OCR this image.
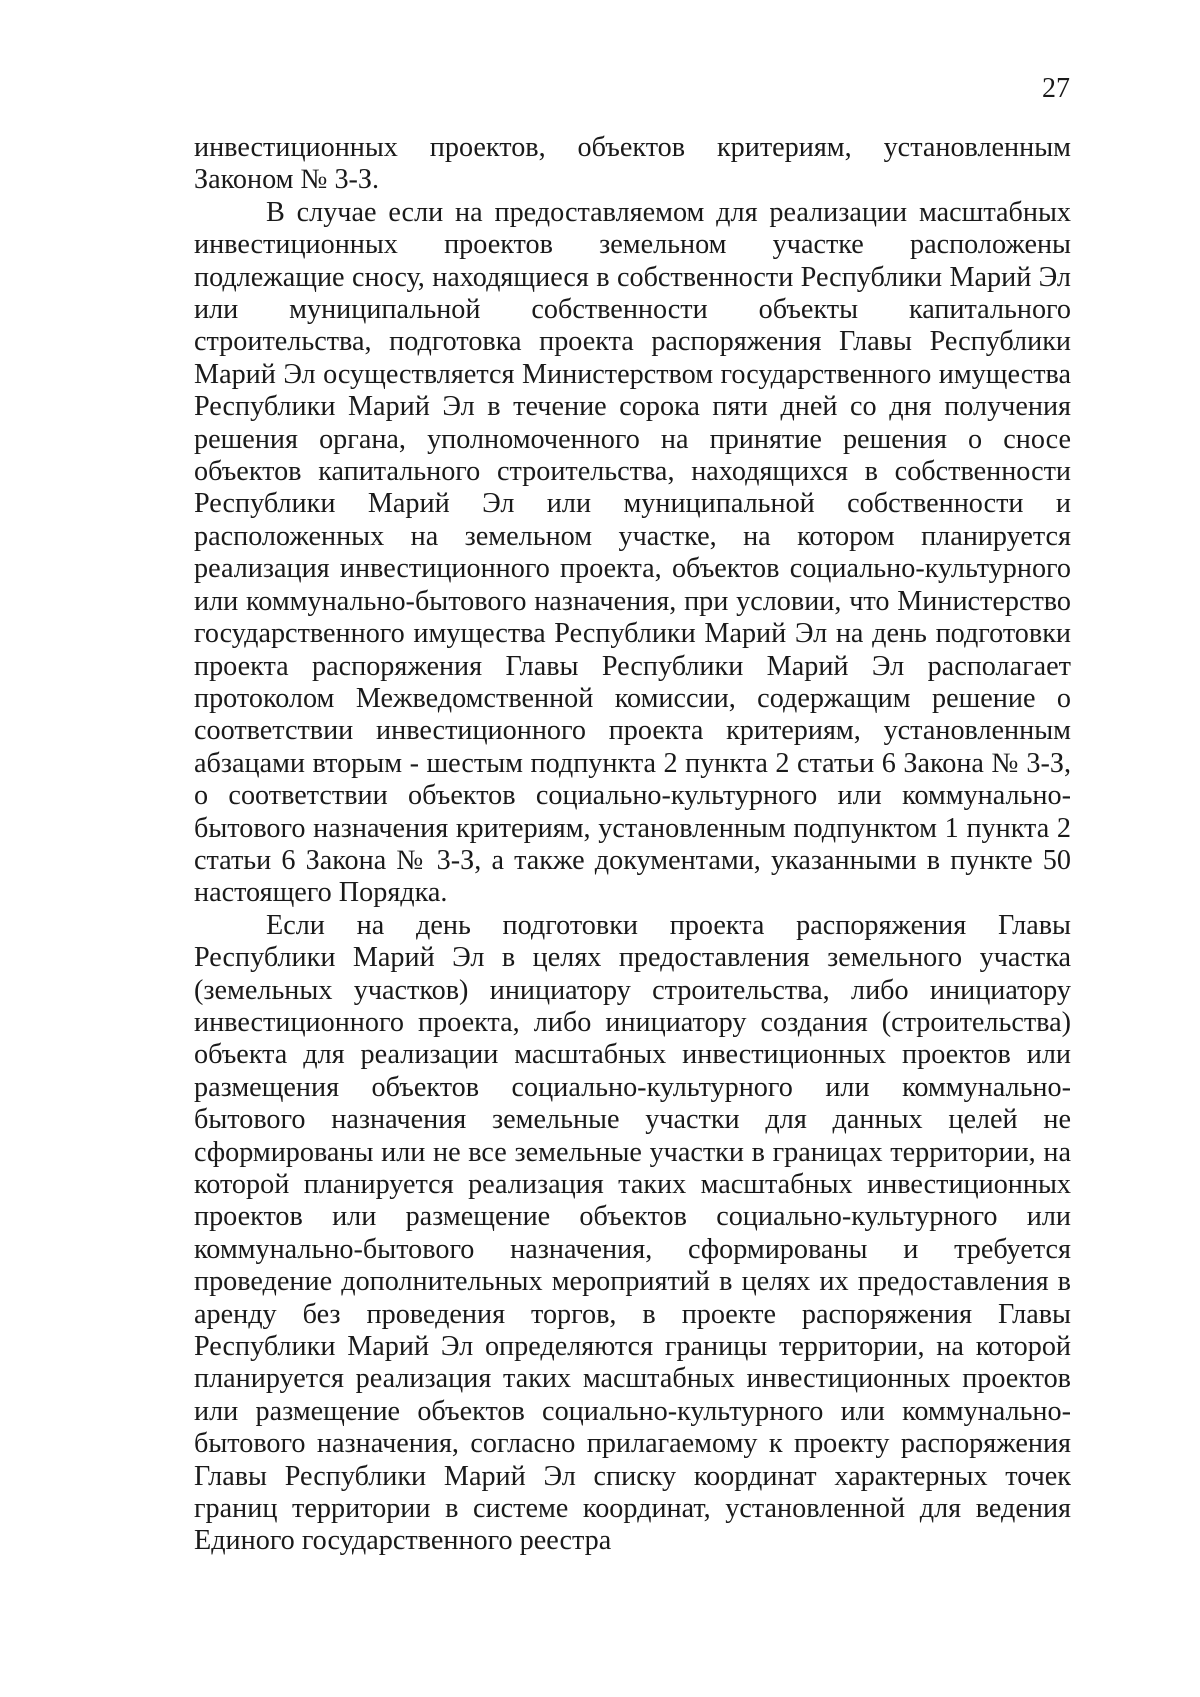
27

инвестиционных проектов, объектов критериям, установленным Законом № 3-З.

В случае если на предоставляемом для реализации масштабных инвестиционных проектов земельном участке расположены подлежащие сносу, находящиеся в собственности Республики Марий Эл или муниципальной собственности объекты капитального строительства, подготовка проекта распоряжения Главы Республики Марий Эл осуществляется Министерством государственного имущества Республики Марий Эл в течение сорока пяти дней со дня получения решения органа, уполномоченного на принятие решения о сносе объектов капитального строительства, находящихся в собственности Республики Марий Эл или муниципальной собственности и расположенных на земельном участке, на котором планируется реализация инвестиционного проекта, объектов социально-культурного или коммунально-бытового назначения, при условии, что Министерство государственного имущества Республики Марий Эл на день подготовки проекта распоряжения Главы Республики Марий Эл располагает протоколом Межведомственной комиссии, содержащим решение о соответствии инвестиционного проекта критериям, установленным абзацами вторым - шестым подпункта 2 пункта 2 статьи 6 Закона № 3-З, о соответствии объектов социально-культурного или коммунально-бытового назначения критериям, установленным подпунктом 1 пункта 2 статьи 6 Закона № 3-З, а также документами, указанными в пункте 50 настоящего Порядка.

Если на день подготовки проекта распоряжения Главы Республики Марий Эл в целях предоставления земельного участка (земельных участков) инициатору строительства, либо инициатору инвестиционного проекта, либо инициатору создания (строительства) объекта для реализации масштабных инвестиционных проектов или размещения объектов социально-культурного или коммунально-бытового назначения земельные участки для данных целей не сформированы или не все земельные участки в границах территории, на которой планируется реализация таких масштабных инвестиционных проектов или размещение объектов социально-культурного или коммунально-бытового назначения, сформированы и требуется проведение дополнительных мероприятий в целях их предоставления в аренду без проведения торгов, в проекте распоряжения Главы Республики Марий Эл определяются границы территории, на которой планируется реализация таких масштабных инвестиционных проектов или размещение объектов социально-культурного или коммунально-бытового назначения, согласно прилагаемому к проекту распоряжения Главы Республики Марий Эл списку координат характерных точек границ территории в системе координат, установленной для ведения Единого государственного реестра
